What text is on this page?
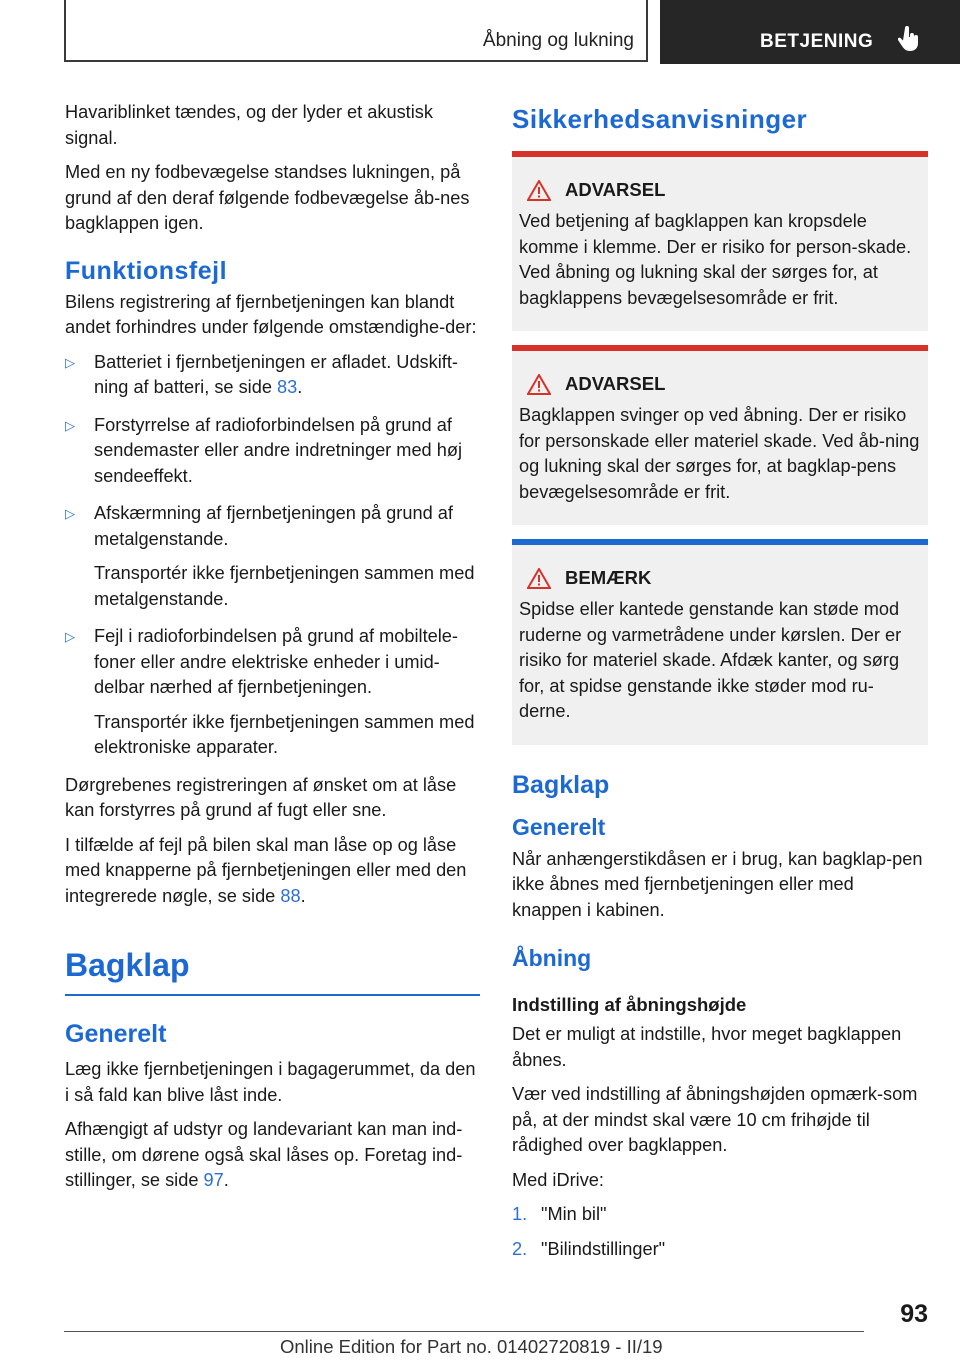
Åbning og lukning	BETJENING

Havariblinket tændes, og der lyder et akustisk signal.

Med en ny fodbevægelse standses lukningen, på grund af den deraf følgende fodbevægelse åb-nes bagklappen igen.

Funktionsfejl

Bilens registrering af fjernbetjeningen kan blandt andet forhindres under følgende omstændighe-der:

▷ Batteriet i fjernbetjeningen er afladet. Udskift-ning af batteri, se side 83.
▷ Forstyrrelse af radioforbindelsen på grund af sendemaster eller andre indretninger med høj sendeeffekt.
▷ Afskærmning af fjernbetjeningen på grund af metalgenstande.
Transportér ikke fjernbetjeningen sammen med metalgenstande.
▷ Fejl i radioforbindelsen på grund af mobiltele-foner eller andre elektriske enheder i umid-delbar nærhed af fjernbetjeningen.
Transportér ikke fjernbetjeningen sammen med elektroniske apparater.

Dørgrebenes registreringen af ønsket om at låse kan forstyrres på grund af fugt eller sne.

I tilfælde af fejl på bilen skal man låse op og låse med knapperne på fjernbetjeningen eller med den integrerede nøgle, se side 88.

Bagklap
Generelt

Læg ikke fjernbetjeningen i bagagerummet, da den i så fald kan blive låst inde.

Afhængigt af udstyr og landevariant kan man ind-stille, om dørene også skal låses op. Foretag ind-stillinger, se side 97.

Sikkerhedsanvisninger
ADVARSEL

Ved betjening af bagklappen kan kropsdele komme i klemme. Der er risiko for person-skade. Ved åbning og lukning skal der sørges for, at bagklappens bevægelsesområde er frit.

ADVARSEL

Bagklappen svinger op ved åbning. Der er risiko for personskade eller materiel skade. Ved åb-ning og lukning skal der sørges for, at bagklap-pens bevægelsesområde er frit.

BEMÆRK

Spidse eller kantede genstande kan støde mod ruderne og varmetrådene under kørslen. Der er risiko for materiel skade. Afdæk kanter, og sørg for, at spidse genstande ikke støder mod ru-derne.

Bagklap
Generelt

Når anhængerstikdåsen er i brug, kan bagklap-pen ikke åbnes med fjernbetjeningen eller med knappen i kabinen.

Åbning
Indstilling af åbningshøjde

Det er muligt at indstille, hvor meget bagklappen åbnes.

Vær ved indstilling af åbningshøjden opmærk-som på, at der mindst skal være 10 cm frihøjde til rådighed over bagklappen.

Med iDrive:

1. "Min bil"
2. "Bilindstillinger"
93
Online Edition for Part no. 01402720819 - II/19
